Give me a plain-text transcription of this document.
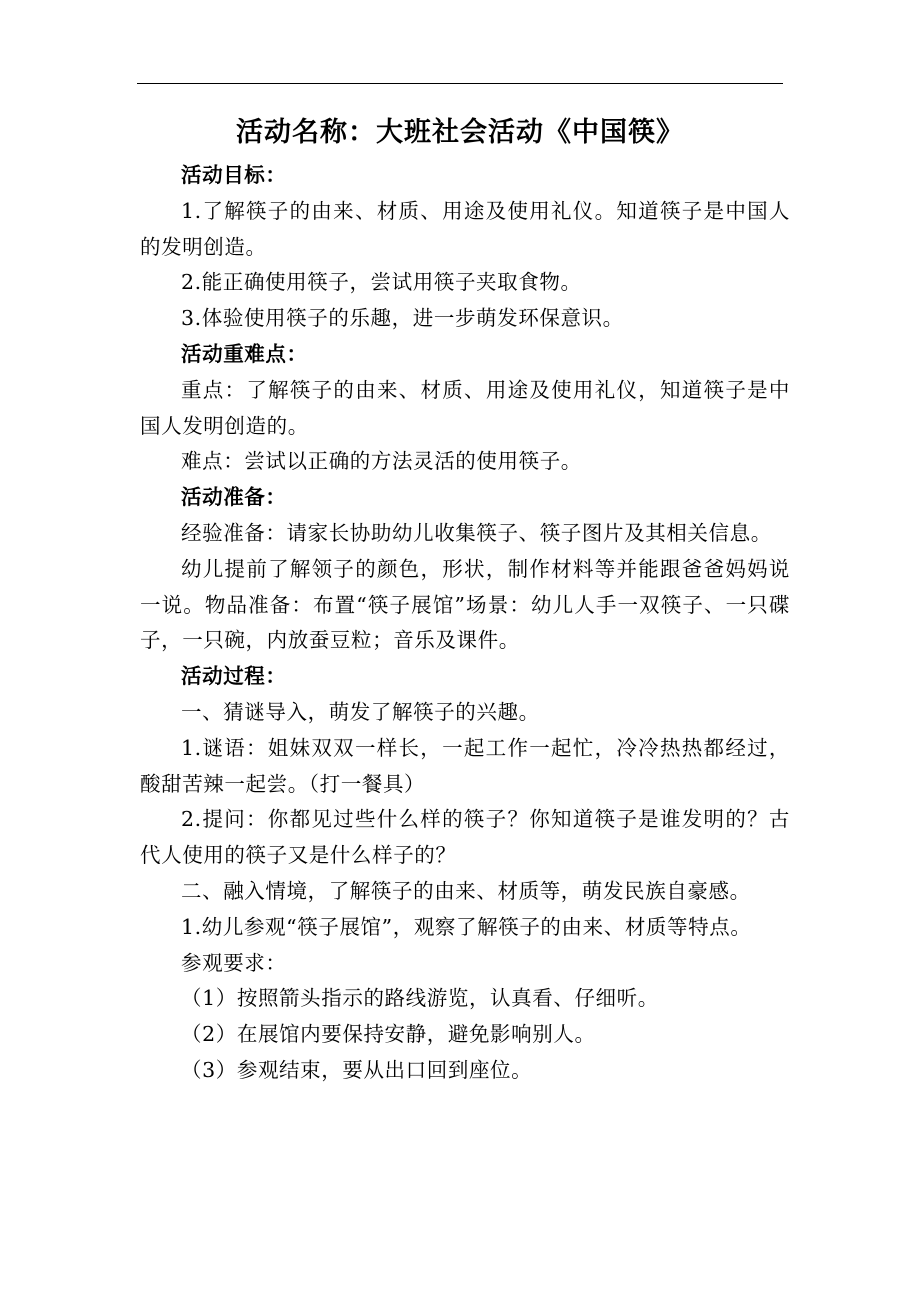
活动名称：大班社会活动《中国筷》

活动目标：

1.了解筷子的由来、材质、用途及使用礼仪。知道筷子是中国人的发明创造。

2.能正确使用筷子，尝试用筷子夹取食物。

3.体验使用筷子的乐趣，进一步萌发环保意识。

活动重难点：

重点：了解筷子的由来、材质、用途及使用礼仪，知道筷子是中国人发明创造的。

难点：尝试以正确的方法灵活的使用筷子。

活动准备：

经验准备：请家长协助幼儿收集筷子、筷子图片及其相关信息。

幼儿提前了解领子的颜色，形状，制作材料等并能跟爸爸妈妈说一说。物品准备：布置“筷子展馆”场景：幼儿人手一双筷子、一只碟子，一只碗，内放蚕豆粒；音乐及课件。

活动过程：

一、猜谜导入，萌发了解筷子的兴趣。

1.谜语：姐妹双双一样长，一起工作一起忙，冷冷热热都经过，酸甜苦辣一起尝。（打一餐具）

2.提问：你都见过些什么样的筷子？你知道筷子是谁发明的？古代人使用的筷子又是什么样子的？

二、融入情境，了解筷子的由来、材质等，萌发民族自豪感。

1.幼儿参观“筷子展馆”，观察了解筷子的由来、材质等特点。

参观要求：

（1）按照箭头指示的路线游览，认真看、仔细听。

（2）在展馆内要保持安静，避免影响别人。

（3）参观结束，要从出口回到座位。
